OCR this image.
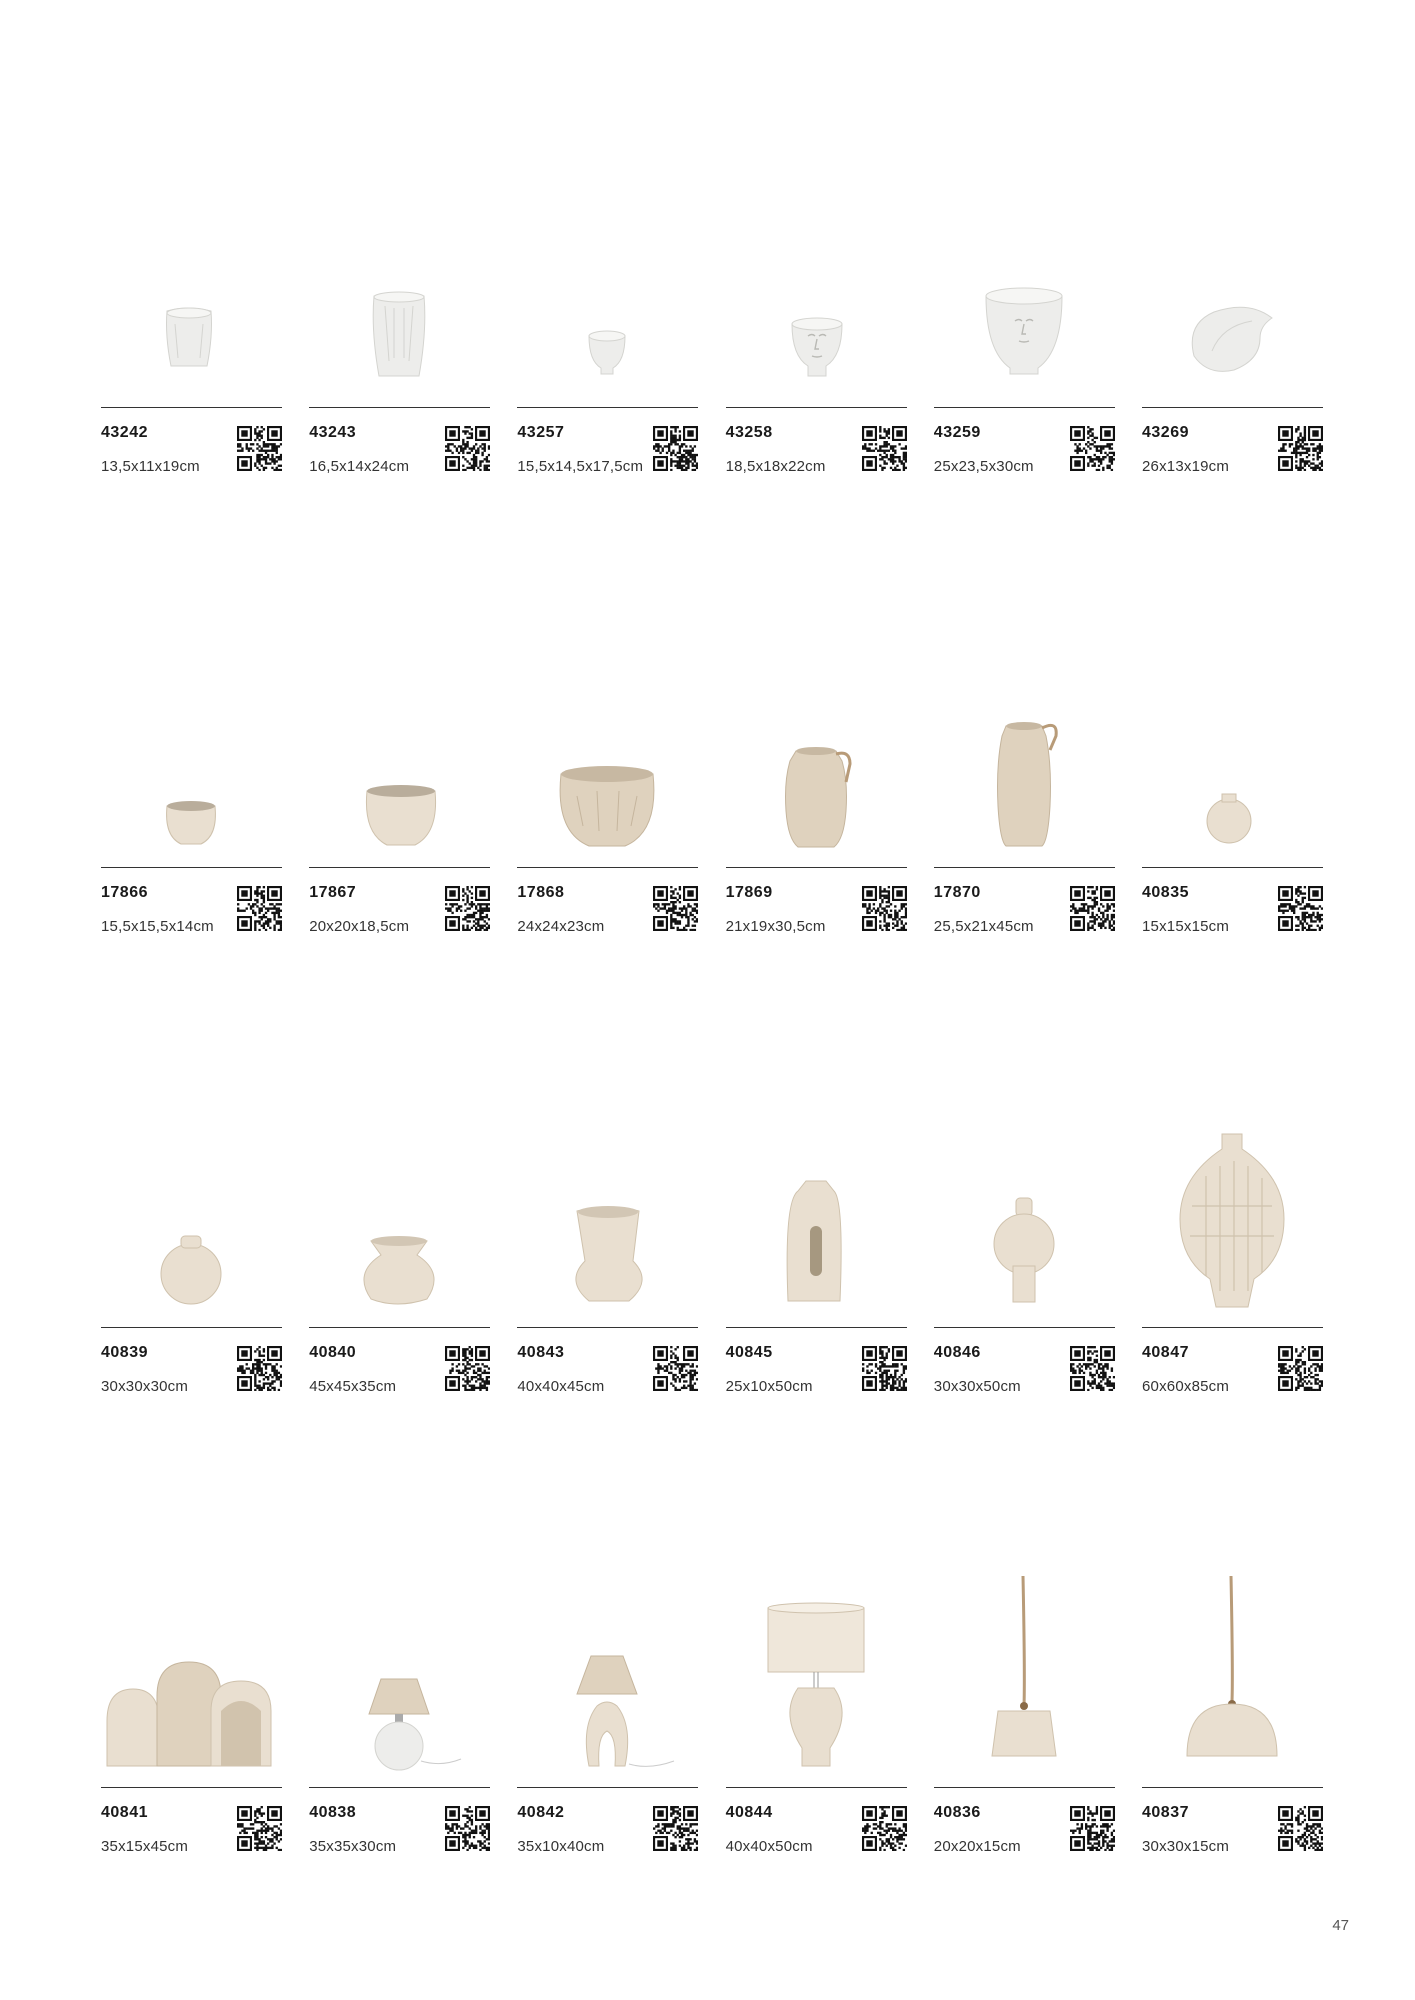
43242
13,5x11x19cm
43243
16,5x14x24cm
43257
15,5x14,5x17,5cm
43258
18,5x18x22cm
43259
25x23,5x30cm
43269
26x13x19cm
17866
15,5x15,5x14cm
17867
20x20x18,5cm
17868
24x24x23cm
17869
21x19x30,5cm
17870
25,5x21x45cm
40835
15x15x15cm
40839
30x30x30cm
40840
45x45x35cm
40843
40x40x45cm
40845
25x10x50cm
40846
30x30x50cm
40847
60x60x85cm
40841
35x15x45cm
40838
35x35x30cm
40842
35x10x40cm
40844
40x40x50cm
40836
20x20x15cm
40837
30x30x15cm
47
